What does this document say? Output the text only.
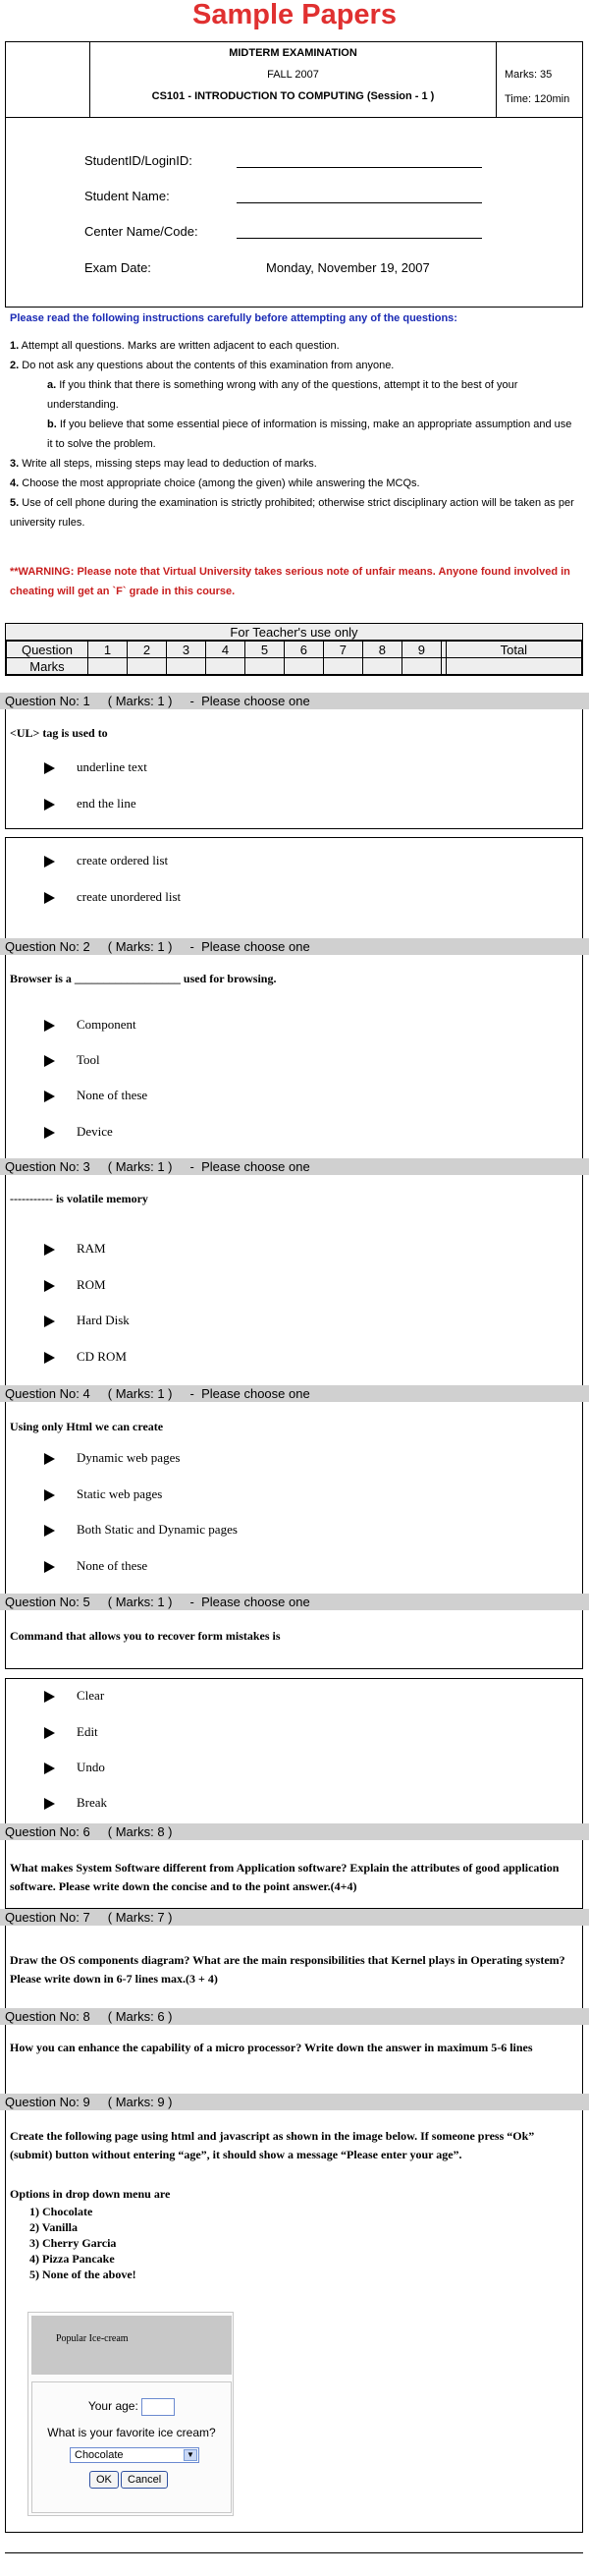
Sample Papers
MIDTERM EXAMINATION
FALL 2007
CS101 - INTRODUCTION TO COMPUTING (Session - 1 )
Marks: 35
Time: 120min
StudentID/LoginID:
Student Name:
Center Name/Code:
Exam Date:	Monday, November 19, 2007
Please read the following instructions carefully before attempting any of the questions:
1. Attempt all questions. Marks are written adjacent to each question.
2. Do not ask any questions about the contents of this examination from anyone.
a. If you think that there is something wrong with any of the questions, attempt it to the best of your understanding.
b. If you believe that some essential piece of information is missing, make an appropriate assumption and use it to solve the problem.
3. Write all steps, missing steps may lead to deduction of marks.
4. Choose the most appropriate choice (among the given) while answering the MCQs.
5. Use of cell phone during the examination is strictly prohibited; otherwise strict disciplinary action will be taken as per university rules.
**WARNING: Please note that Virtual University takes serious note of unfair means. Anyone found involved in cheating will get an `F` grade in this course.
For Teacher's use only
Question	1	2	3	4	5	6	7	8	9		Total
Marks											
Question No: 1     ( Marks: 1 )     -  Please choose one
<UL> tag is used to
underline text
end the line
create ordered list
create unordered list
Question No: 2     ( Marks: 1 )     -  Please choose one
Browser is a __________________ used for browsing.
Component
Tool
None of these
Device
Question No: 3     ( Marks: 1 )     -  Please choose one
----------- is volatile memory
RAM
ROM
Hard Disk
CD ROM
Question No: 4     ( Marks: 1 )     -  Please choose one
Using only Html we can create
Dynamic web pages
Static web pages
Both Static and Dynamic pages
None of these
Question No: 5     ( Marks: 1 )     -  Please choose one
Command that allows you to recover form mistakes is
Clear
Edit
Undo
Break
Question No: 6     ( Marks: 8 )
What makes System Software different from Application software? Explain the attributes of good application software. Please write down the concise and to the point answer.(4+4)
Question No: 7     ( Marks: 7 )
Draw the OS components diagram? What are the main responsibilities that Kernel plays in Operating system? Please write down in 6-7 lines max.(3 + 4)
Question No: 8     ( Marks: 6 )
How you can enhance the capability of a micro processor? Write down the answer in maximum 5-6 lines
Question No: 9     ( Marks: 9 )
Create the following page using html and javascript as shown in the image below. If someone press “Ok” (submit) button without entering “age”, it should show a message “Please enter your age”.
Options in drop down menu are
1) Chocolate
2) Vanilla
3) Cherry Garcia
4) Pizza Pancake
5) None of the above!
Popular Ice-cream
Your age:
What is your favorite ice cream?
Chocolate	▼
OK	Cancel
